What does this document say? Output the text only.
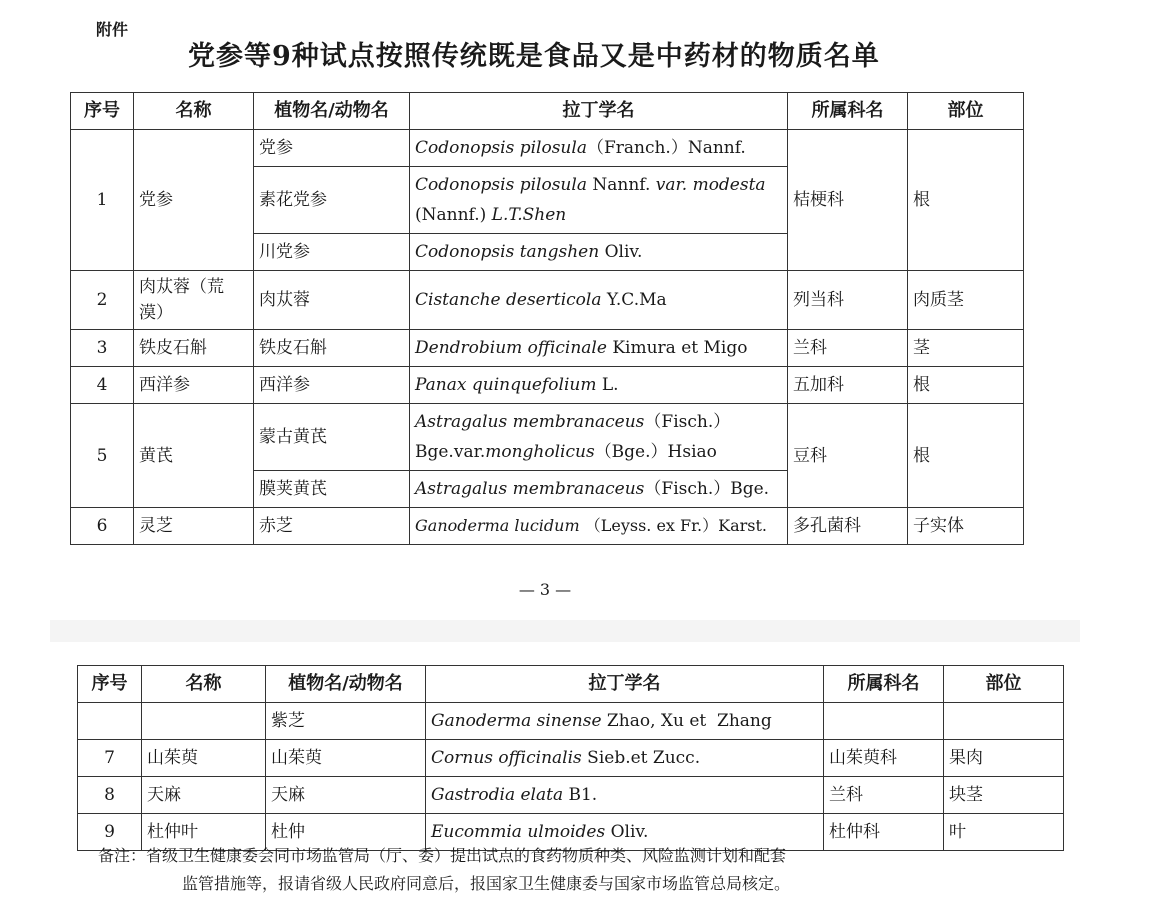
附件
党参等9种试点按照传统既是食品又是中药材的物质名单
序号	名称	植物名/动物名	拉丁学名	所属科名	部位
1	党参	党参	Codonopsis pilosula（Franch.）Nannf.	桔梗科	根
		素花党参	Codonopsis pilosula Nannf. var. modesta
(Nannf.) L.T.Shen		
		川党参	Codonopsis tangshen Oliv.		
2	肉苁蓉（荒漠）	肉苁蓉	Cistanche deserticola Y.C.Ma	列当科	肉质茎
3	铁皮石斛	铁皮石斛	Dendrobium officinale Kimura et Migo	兰科	茎
4	西洋参	西洋参	Panax quinquefolium L.	五加科	根
5	黄芪	蒙古黄芪	Astragalus membranaceus（Fisch.）
Bge.var.mongholicus（Bge.）Hsiao	豆科	根
		膜荚黄芪	Astragalus membranaceus（Fisch.）Bge.		
6	灵芝	赤芝	Ganoderma lucidum （Leyss. ex Fr.）Karst.	多孔菌科	子实体
— 3 —
序号	名称	植物名/动物名	拉丁学名	所属科名	部位
		紫芝	Ganoderma sinense Zhao, Xu et  Zhang		
7	山茱萸	山茱萸	Cornus officinalis Sieb.et Zucc.	山茱萸科	果肉
8	天麻	天麻	Gastrodia elata B1.	兰科	块茎
9	杜仲叶	杜仲	Eucommia ulmoides Oliv.	杜仲科	叶
备注：省级卫生健康委会同市场监管局（厅、委）提出试点的食药物质种类、风险监测计划和配套
监管措施等，报请省级人民政府同意后，报国家卫生健康委与国家市场监管总局核定。
